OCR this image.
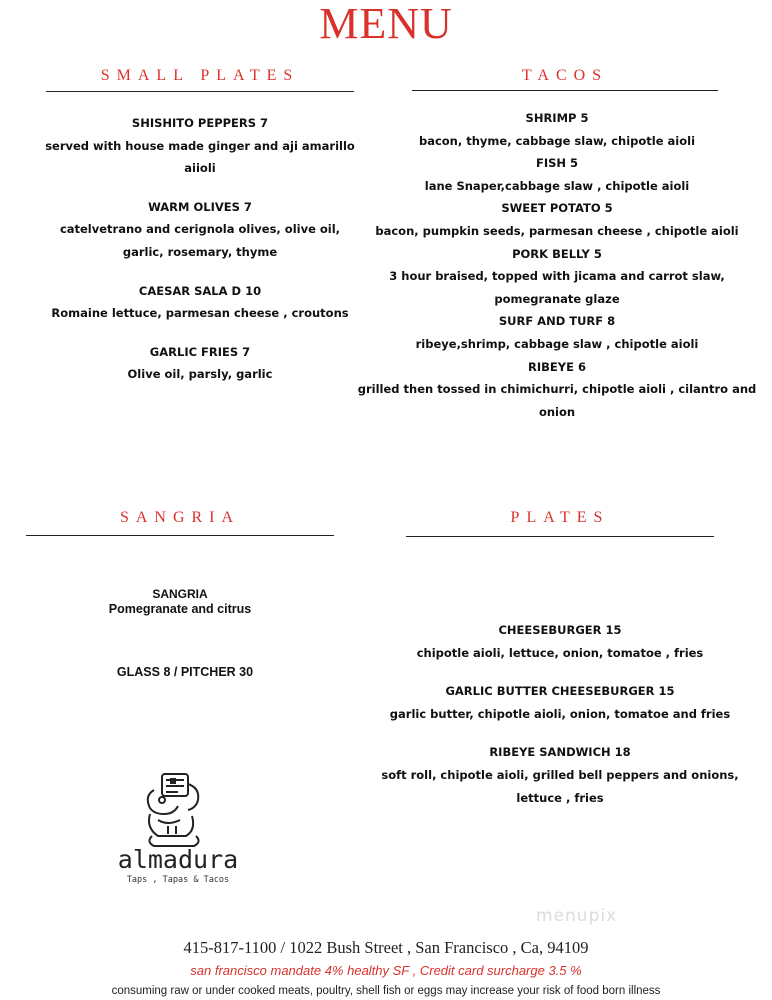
MENU
SMALL PLATES
SHISHITO PEPPERS 7
served with house made ginger and aji amarillo
aiioli
WARM OLIVES 7
catelvetrano and cerignola olives, olive oil,
garlic, rosemary, thyme
CAESAR SALA D 10
Romaine lettuce, parmesan cheese , croutons
GARLIC FRIES 7
Olive oil, parsly, garlic
TACOS
SHRIMP 5
bacon, thyme, cabbage slaw, chipotle aioli
FISH 5
lane Snaper,cabbage slaw , chipotle aioli
SWEET POTATO 5
bacon, pumpkin seeds, parmesan cheese , chipotle aioli
PORK BELLY 5
3 hour braised, topped with jicama and carrot slaw,
pomegranate glaze
SURF AND TURF 8
ribeye,shrimp, cabbage slaw , chipotle aioli
RIBEYE 6
grilled then tossed in chimichurri, chipotle aioli , cilantro and
onion
SANGRIA
SANGRIA
Pomegranate and citrus
GLASS 8 / PITCHER 30
PLATES
CHEESEBURGER 15
chipotle aioli, lettuce, onion, tomatoe , fries
GARLIC BUTTER CHEESEBURGER 15
garlic butter, chipotle aioli, onion, tomatoe and fries
RIBEYE SANDWICH 18
soft roll, chipotle aioli, grilled bell peppers and onions,
lettuce , fries
almadura
Taps , Tapas & Tacos
menupix
415-817-1100 / 1022 Bush Street , San Francisco , Ca, 94109
san francisco mandate 4% healthy SF , Credit card surcharge 3.5 %
consuming raw or under cooked meats, poultry, shell fish or eggs may increase your risk of food born illness
